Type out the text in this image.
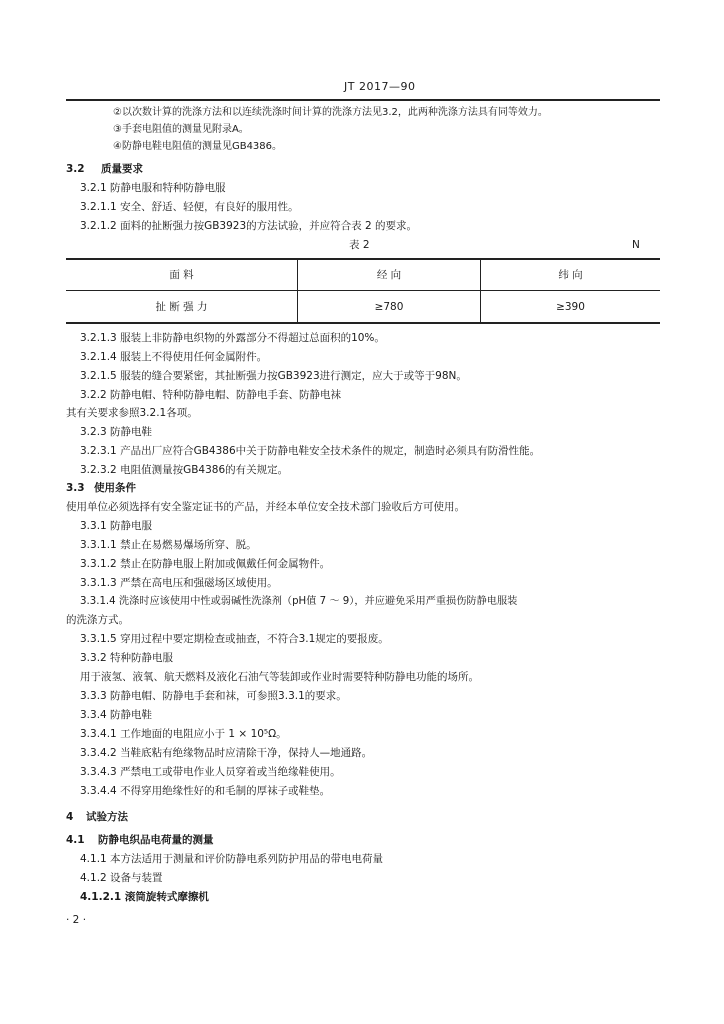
JT 2017—90
②以次数计算的洗涤方法和以连续洗涤时间计算的洗涤方法见3.2，此两种洗涤方法具有同等效力。
③手套电阻值的测量见附录A。
④防静电鞋电阻值的测量见GB4386。
3.2 质量要求
3.2.1 防静电服和特种防静电服
3.2.1.1 安全、舒适、轻便，有良好的服用性。
3.2.1.2 面料的扯断强力按GB3923的方法试验，并应符合表 2 的要求。
表 2	N
面 料	经 向	纬 向
扯 断 强 力	≥780	≥390
3.2.1.3 服装上非防静电织物的外露部分不得超过总面积的10%。
3.2.1.4 服装上不得使用任何金属附件。
3.2.1.5 服装的缝合要紧密，其扯断强力按GB3923进行测定，应大于或等于98N。
3.2.2 防静电帽、特种防静电帽、防静电手套、防静电袜
其有关要求参照3.2.1各项。
3.2.3 防静电鞋
3.2.3.1 产品出厂应符合GB4386中关于防静电鞋安全技术条件的规定，制造时必须具有防滑性能。
3.2.3.2 电阻值测量按GB4386的有关规定。
3.3 使用条件
使用单位必须选择有安全鉴定证书的产品，并经本单位安全技术部门验收后方可使用。
3.3.1 防静电服
3.3.1.1 禁止在易燃易爆场所穿、脱。
3.3.1.2 禁止在防静电服上附加或佩戴任何金属物件。
3.3.1.3 严禁在高电压和强磁场区域使用。
3.3.1.4 洗涤时应该使用中性或弱碱性洗涤剂（pH值 7 ～ 9），并应避免采用严重损伤防静电服装
的洗涤方式。
3.3.1.5 穿用过程中要定期检查或抽查，不符合3.1规定的要报废。
3.3.2 特种防静电服
用于液氢、液氧、航天燃料及液化石油气等装卸或作业时需要特种防静电功能的场所。
3.3.3 防静电帽、防静电手套和袜，可参照3.3.1的要求。
3.3.4 防静电鞋
3.3.4.1 工作地面的电阻应小于 1 × 10⁵Ω。
3.3.4.2 当鞋底粘有绝缘物品时应清除干净，保持人—地通路。
3.3.4.3 严禁电工或带电作业人员穿着或当绝缘鞋使用。
3.3.4.4 不得穿用绝缘性好的和毛制的厚袜子或鞋垫。
4 试验方法
4.1 防静电织品电荷量的测量
4.1.1 本方法适用于测量和评价防静电系列防护用品的带电电荷量
4.1.2 设备与装置
4.1.2.1 滚筒旋转式摩擦机
· 2 ·
